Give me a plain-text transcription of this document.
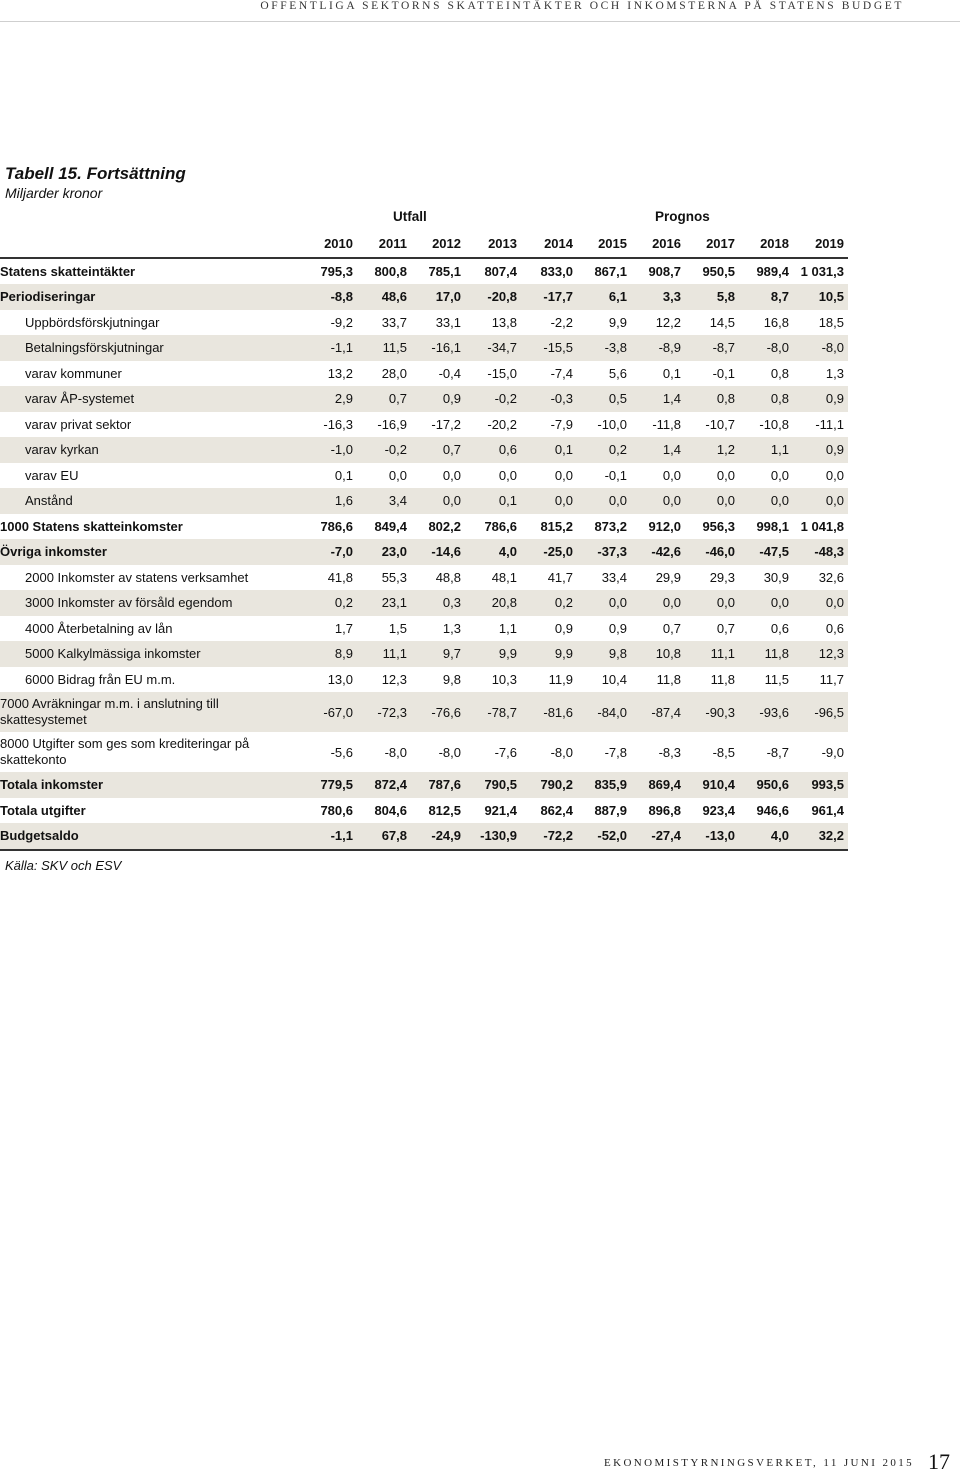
OFFENTLIGA SEKTORNS SKATTEINTÄKTER OCH INKOMSTERNA PÅ STATENS BUDGET
Tabell 15. Fortsättning
Miljarder kronor
Utfall	Prognos
	2010	2011	2012	2013	2014	2015	2016	2017	2018	2019
Statens skatteintäkter	795,3	800,8	785,1	807,4	833,0	867,1	908,7	950,5	989,4	1 031,3
Periodiseringar	-8,8	48,6	17,0	-20,8	-17,7	6,1	3,3	5,8	8,7	10,5
Uppbördsförskjutningar	-9,2	33,7	33,1	13,8	-2,2	9,9	12,2	14,5	16,8	18,5
Betalningsförskjutningar	-1,1	11,5	-16,1	-34,7	-15,5	-3,8	-8,9	-8,7	-8,0	-8,0
varav kommuner	13,2	28,0	-0,4	-15,0	-7,4	5,6	0,1	-0,1	0,8	1,3
varav ÅP-systemet	2,9	0,7	0,9	-0,2	-0,3	0,5	1,4	0,8	0,8	0,9
varav privat sektor	-16,3	-16,9	-17,2	-20,2	-7,9	-10,0	-11,8	-10,7	-10,8	-11,1
varav kyrkan	-1,0	-0,2	0,7	0,6	0,1	0,2	1,4	1,2	1,1	0,9
varav EU	0,1	0,0	0,0	0,0	0,0	-0,1	0,0	0,0	0,0	0,0
Anstånd	1,6	3,4	0,0	0,1	0,0	0,0	0,0	0,0	0,0	0,0
1000 Statens skatteinkomster	786,6	849,4	802,2	786,6	815,2	873,2	912,0	956,3	998,1	1 041,8
Övriga inkomster	-7,0	23,0	-14,6	4,0	-25,0	-37,3	-42,6	-46,0	-47,5	-48,3
2000 Inkomster av statens verksamhet	41,8	55,3	48,8	48,1	41,7	33,4	29,9	29,3	30,9	32,6
3000 Inkomster av försåld egendom	0,2	23,1	0,3	20,8	0,2	0,0	0,0	0,0	0,0	0,0
4000 Återbetalning av lån	1,7	1,5	1,3	1,1	0,9	0,9	0,7	0,7	0,6	0,6
5000 Kalkylmässiga inkomster	8,9	11,1	9,7	9,9	9,9	9,8	10,8	11,1	11,8	12,3
6000 Bidrag från EU m.m.	13,0	12,3	9,8	10,3	11,9	10,4	11,8	11,8	11,5	11,7

7000 Avräkningar m.m. i anslutning till skattesystemet	-67,0	-72,3	-76,6	-78,7	-81,6	-84,0	-87,4	-90,3	-93,6	-96,5

8000 Utgifter som ges som krediteringar på skattekonto	-5,6	-8,0	-8,0	-7,6	-8,0	-7,8	-8,3	-8,5	-8,7	-9,0
Totala inkomster	779,5	872,4	787,6	790,5	790,2	835,9	869,4	910,4	950,6	993,5
Totala utgifter	780,6	804,6	812,5	921,4	862,4	887,9	896,8	923,4	946,6	961,4
Budgetsaldo	-1,1	67,8	-24,9	-130,9	-72,2	-52,0	-27,4	-13,0	4,0	32,2
Källa: SKV och ESV
EKONOMISTYRNINGSVERKET, 11 JUNI 2015 17
